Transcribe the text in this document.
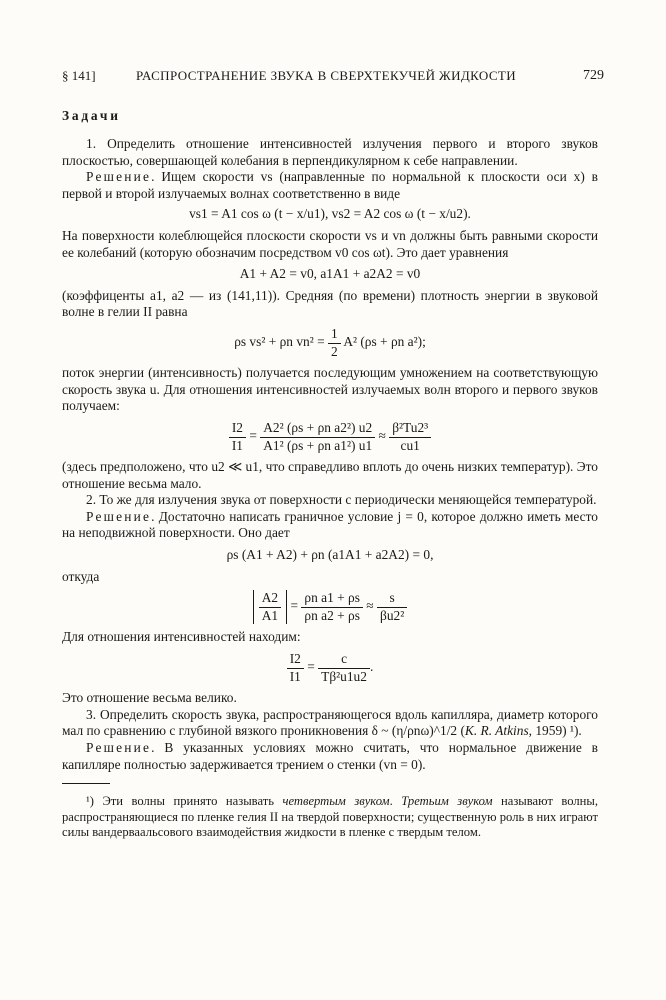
§ 141]	РАСПРОСТРАНЕНИЕ ЗВУКА В СВЕРХТЕКУЧЕЙ ЖИДКОСТИ	729
Задачи

1. Определить отношение интенсивностей излучения первого и второго звуков плоскостью, совершающей колебания в перпендикулярном к себе направлении.

Решение. Ищем скорости vs (направленные по нормальной к плоскости оси x) в первой и второй излучаемых волнах соответственно в виде

vs1 = A1 cos ω (t − x/u1), vs2 = A2 cos ω (t − x/u2).

На поверхности колеблющейся плоскости скорости vs и vn должны быть равными скорости ее колебаний (которую обозначим посредством v0 cos ωt). Это дает уравнения

A1 + A2 = v0, a1A1 + a2A2 = v0

(коэффиценты a1, a2 — из (141,11)). Средняя (по времени) плотность энергии в звуковой волне в гелии II равна

ρs vs² + ρn $vn^2 = \frac{1}{2} A^2$ (ρs + ρn a²);

поток энергии (интенсивность) получается последующим умножением на соответствующую скорость звука u. Для отношения интенсивностей излучаемых волн второго и первого звуков получаем:

$\frac{I2}{I1} = \frac{\text{A2² (ρs + ρn a2²) u2}}{\text{A1² (ρs + ρn a1²) u1}} \approx \frac{\text{β²Tu2³}}{cu1}$

(здесь предположено, что u2 ≪ u1, что справедливо вплоть до очень низких температур). Это отношение весьма мало.

2. То же для излучения звука от поверхности с периодически меняющейся температурой.

Решение. Достаточно написать граничное условие j = 0, которое должно иметь место на неподвижной поверхности. Оно дает

ρs (A1 + A2) + ρn (a1A1 + a2A2) = 0,

откуда

$\frac{A2}{A1} = \frac{\text{ρn a1 + ρs}}{\text{ρn a2 + ρs}} \approx \frac{s}{\text{βu2²}}$

Для отношения интенсивностей находим:

$\frac{I2}{I1} = \frac{c}{\text{Tβ²u1u2}}$ .

Это отношение весьма велико.

3. Определить скорость звука, распространяющегося вдоль капилляра, диаметр которого мал по сравнению с глубиной вязкого проникновения δ ~ (η/ρnω)^1/2 (K. R. Atkins, 1959) ¹).

Решение. В указанных условиях можно считать, что нормальное движение в капилляре полностью задерживается трением о стенки (vn = 0).

¹) Эти волны принято называть четвертым звуком. Третьим звуком называют волны, распространяющиеся по пленке гелия II на твердой поверхности; существенную роль в них играют силы вандерваальсового взаимодействия жидкости в пленке с твердым телом.
